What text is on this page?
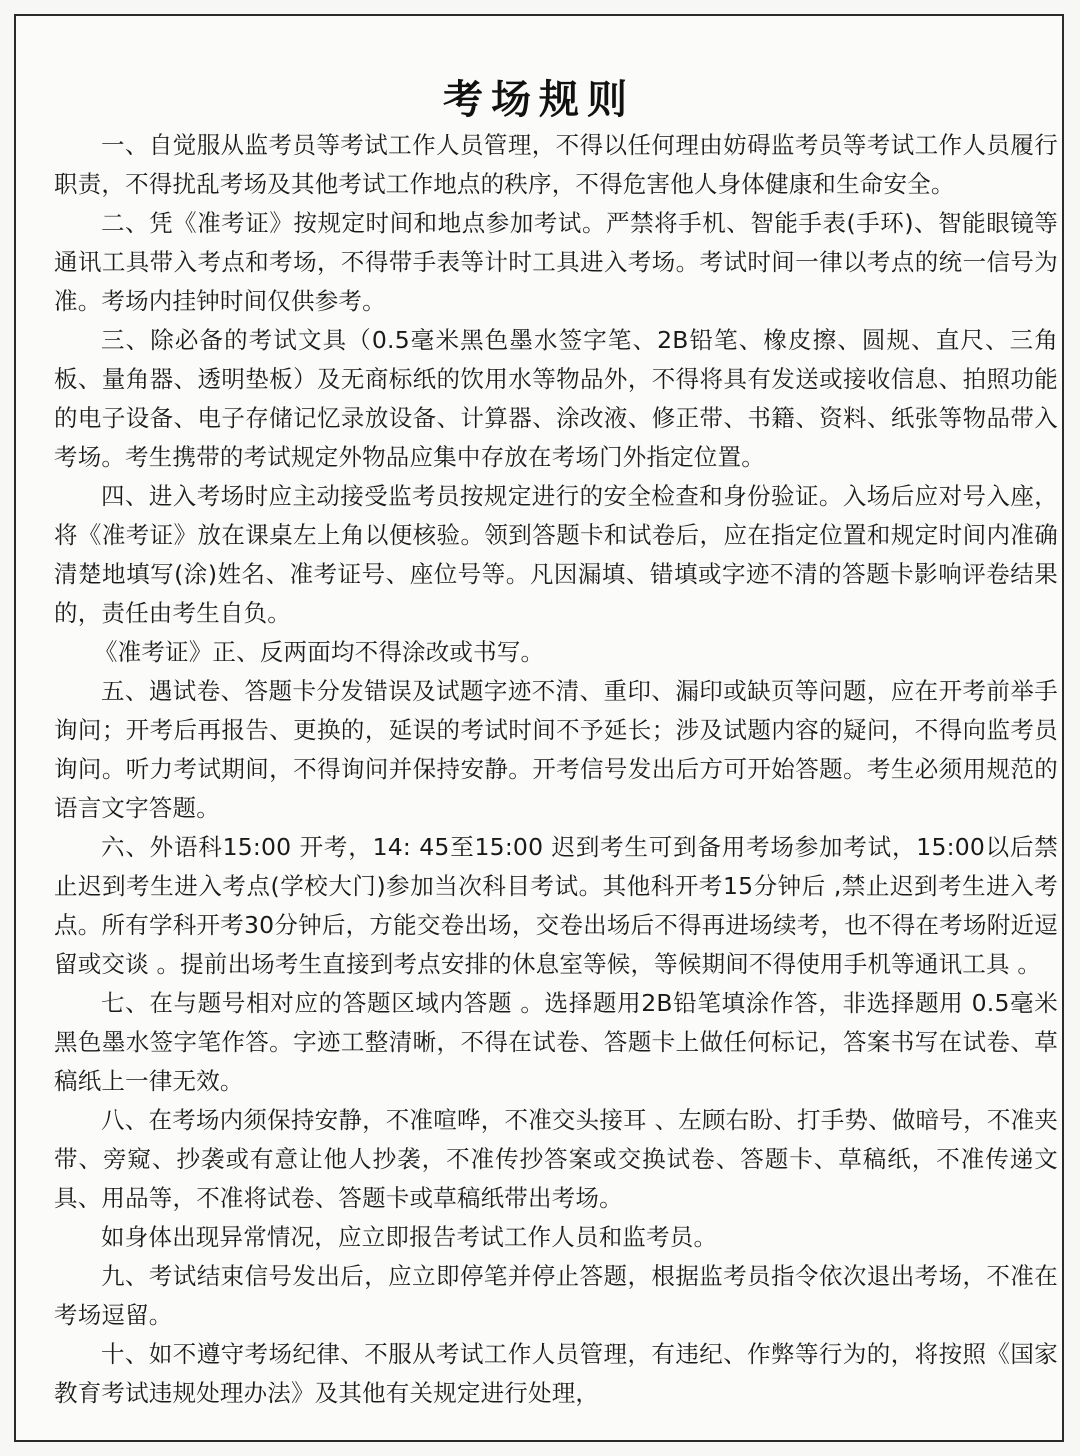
考场规则

一、自觉服从监考员等考试工作人员管理，不得以任何理由妨碍监考员等考试工作人员履行职责，不得扰乱考场及其他考试工作地点的秩序，不得危害他人身体健康和生命安全。

二、凭《准考证》按规定时间和地点参加考试。严禁将手机、智能手表(手环)、智能眼镜等通讯工具带入考点和考场，不得带手表等计时工具进入考场。考试时间一律以考点的统一信号为准。考场内挂钟时间仅供参考。

三、除必备的考试文具（0.5毫米黑色墨水签字笔、2B铅笔、橡皮擦、圆规、直尺、三角板、量角器、透明垫板）及无商标纸的饮用水等物品外，不得将具有发送或接收信息、拍照功能的电子设备、电子存储记忆录放设备、计算器、涂改液、修正带、书籍、资料、纸张等物品带入考场。考生携带的考试规定外物品应集中存放在考场门外指定位置。

四、进入考场时应主动接受监考员按规定进行的安全检查和身份验证。入场后应对号入座，将《准考证》放在课桌左上角以便核验。领到答题卡和试卷后，应在指定位置和规定时间内准确清楚地填写(涂)姓名、准考证号、座位号等。凡因漏填、错填或字迹不清的答题卡影响评卷结果的，责任由考生自负。

《准考证》正、反两面均不得涂改或书写。

五、遇试卷、答题卡分发错误及试题字迹不清、重印、漏印或缺页等问题，应在开考前举手询问；开考后再报告、更换的，延误的考试时间不予延长；涉及试题内容的疑问，不得向监考员询问。听力考试期间，不得询问并保持安静。开考信号发出后方可开始答题。考生必须用规范的语言文字答题。

六、外语科15:00 开考，14: 45至15:00 迟到考生可到备用考场参加考试，15:00以后禁止迟到考生进入考点(学校大门)参加当次科目考试。其他科开考15分钟后 ,禁止迟到考生进入考点。所有学科开考30分钟后，方能交卷出场，交卷出场后不得再进场续考，也不得在考场附近逗留或交谈 。提前出场考生直接到考点安排的休息室等候，等候期间不得使用手机等通讯工具 。

七、在与题号相对应的答题区域内答题 。选择题用2B铅笔填涂作答，非选择题用 0.5毫米黑色墨水签字笔作答。字迹工整清晰，不得在试卷、答题卡上做任何标记，答案书写在试卷、草稿纸上一律无效。

八、在考场内须保持安静，不准喧哗，不准交头接耳 、左顾右盼、打手势、做暗号，不准夹带、旁窥、抄袭或有意让他人抄袭，不准传抄答案或交换试卷、答题卡、草稿纸，不准传递文具、用品等，不准将试卷、答题卡或草稿纸带出考场。

如身体出现异常情况，应立即报告考试工作人员和监考员。

九、考试结束信号发出后，应立即停笔并停止答题，根据监考员指令依次退出考场，不准在考场逗留。

十、如不遵守考场纪律、不服从考试工作人员管理，有违纪、作弊等行为的，将按照《国家教育考试违规处理办法》及其他有关规定进行处理，
